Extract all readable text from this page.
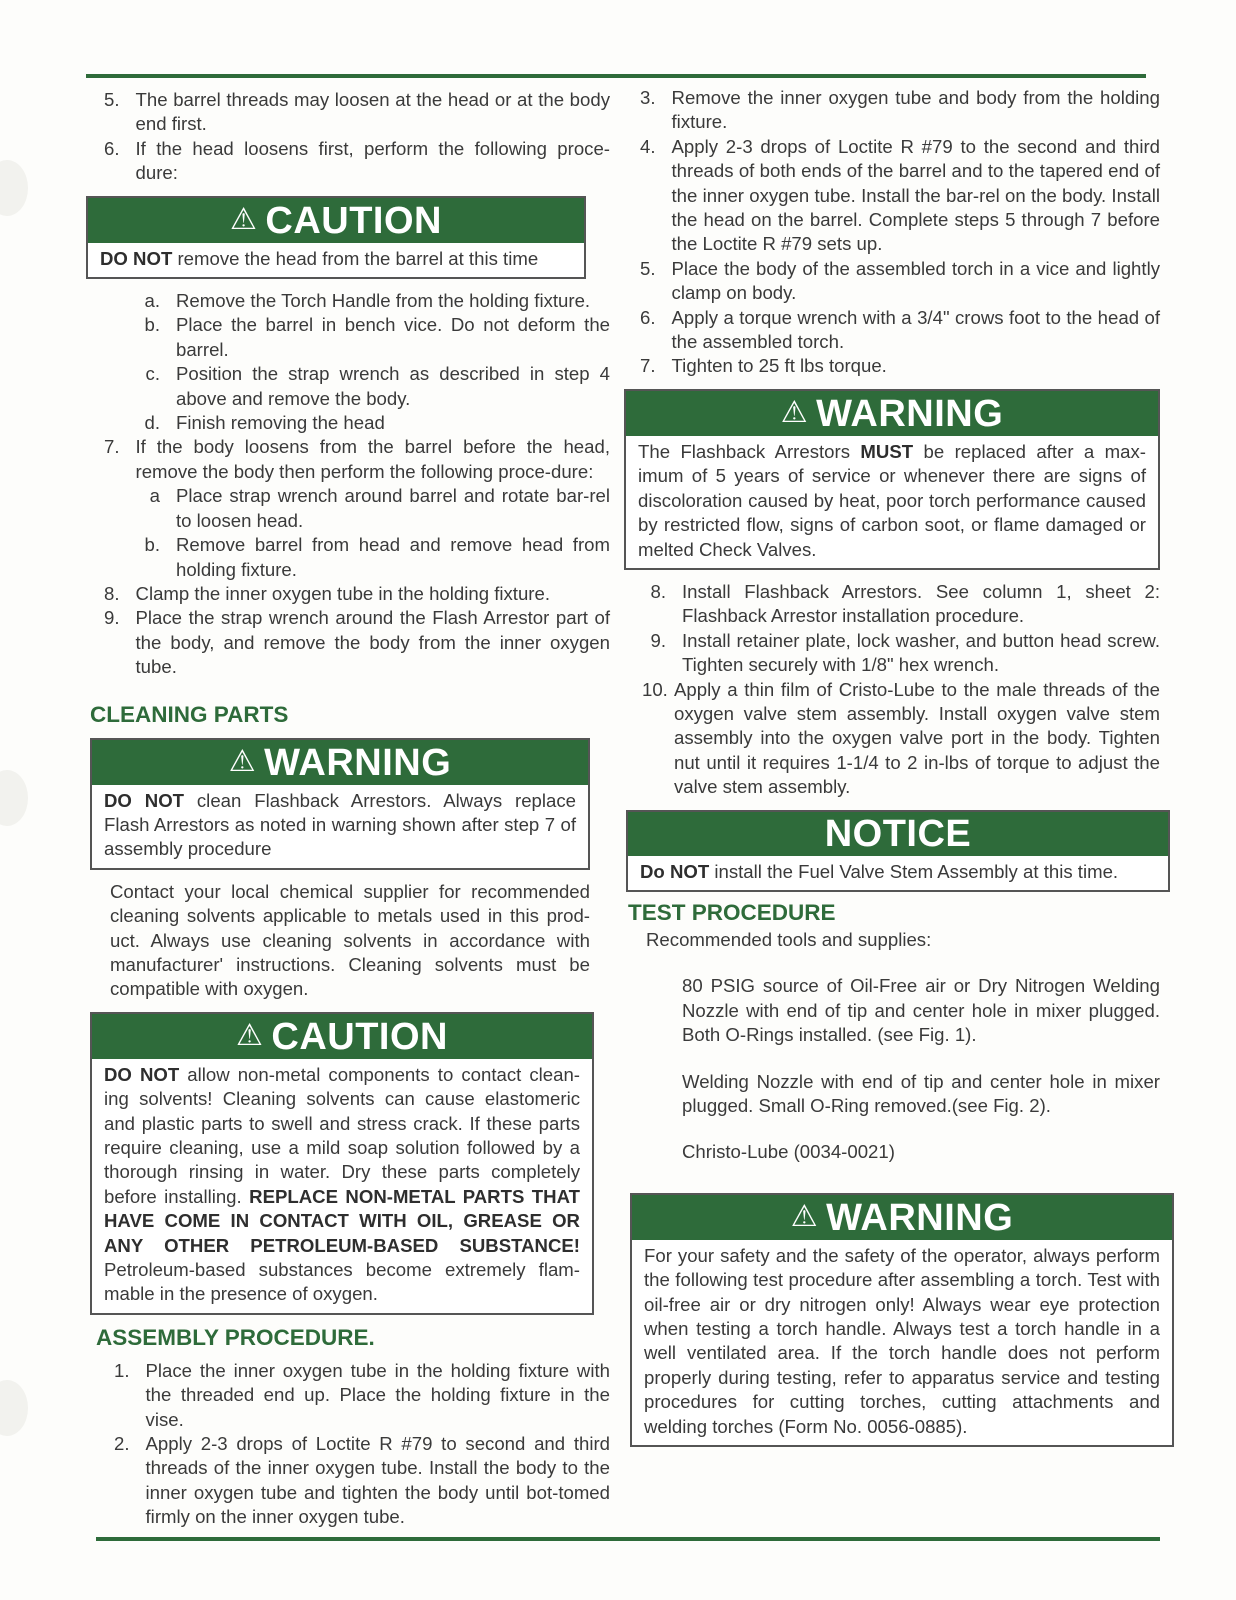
5. The barrel threads may loosen at the head or at the body end first.
6. If the head loosens first, perform the following proce-dure:
⚠ CAUTION
DO NOT remove the head from the barrel at this time
a. Remove the Torch Handle from the holding fixture.
b. Place the barrel in bench vice. Do not deform the barrel.
c. Position the strap wrench as described in step 4 above and remove the body.
d. Finish removing the head
7. If the body loosens from the barrel before the head, remove the body then perform the following proce-dure:
a Place strap wrench around barrel and rotate bar-rel to loosen head.
b. Remove barrel from head and remove head from holding fixture.
8. Clamp the inner oxygen tube in the holding fixture.
9. Place the strap wrench around the Flash Arrestor part of the body, and remove the body from the inner oxygen tube.
CLEANING PARTS
⚠ WARNING
DO NOT clean Flashback Arrestors. Always replace Flash Arrestors as noted in warning shown after step 7 of assembly procedure
Contact your local chemical supplier for recommended cleaning solvents applicable to metals used in this prod-uct. Always use cleaning solvents in accordance with manufacturer' instructions. Cleaning solvents must be compatible with oxygen.
⚠ CAUTION
DO NOT allow non-metal components to contact clean-ing solvents! Cleaning solvents can cause elastomeric and plastic parts to swell and stress crack. If these parts require cleaning, use a mild soap solution followed by a thorough rinsing in water. Dry these parts completely before installing. REPLACE NON-METAL PARTS THAT HAVE COME IN CONTACT WITH OIL, GREASE OR ANY OTHER PETROLEUM-BASED SUBSTANCE! Petroleum-based substances become extremely flam-mable in the presence of oxygen.
ASSEMBLY PROCEDURE.
1. Place the inner oxygen tube in the holding fixture with the threaded end up. Place the holding fixture in the vise.
2. Apply 2-3 drops of Loctite R #79 to second and third threads of the inner oxygen tube. Install the body to the inner oxygen tube and tighten the body until bot-tomed firmly on the inner oxygen tube.
3. Remove the inner oxygen tube and body from the holding fixture.
4. Apply 2-3 drops of Loctite R #79 to the second and third threads of both ends of the barrel and to the tapered end of the inner oxygen tube. Install the bar-rel on the body. Install the head on the barrel. Complete steps 5 through 7 before the Loctite R #79 sets up.
5. Place the body of the assembled torch in a vice and lightly clamp on body.
6. Apply a torque wrench with a 3/4" crows foot to the head of the assembled torch.
7. Tighten to 25 ft lbs torque.
⚠ WARNING
The Flashback Arrestors MUST be replaced after a max-imum of 5 years of service or whenever there are signs of discoloration caused by heat, poor torch performance caused by restricted flow, signs of carbon soot, or flame damaged or melted Check Valves.
8. Install Flashback Arrestors. See column 1, sheet 2: Flashback Arrestor installation procedure.
9. Install retainer plate, lock washer, and button head screw. Tighten securely with 1/8" hex wrench.
10. Apply a thin film of Cristo-Lube to the male threads of the oxygen valve stem assembly. Install oxygen valve stem assembly into the oxygen valve port in the body. Tighten nut until it requires 1-1/4 to 2 in-lbs of torque to adjust the valve stem assembly.
NOTICE
Do NOT install the Fuel Valve Stem Assembly at this time.
TEST PROCEDURE
Recommended tools and supplies:
80 PSIG source of Oil-Free air or Dry Nitrogen Welding Nozzle with end of tip and center hole in mixer plugged. Both O-Rings installed. (see Fig. 1).
Welding Nozzle with end of tip and center hole in mixer plugged. Small O-Ring removed.(see Fig. 2).
Christo-Lube (0034-0021)
⚠ WARNING
For your safety and the safety of the operator, always perform the following test procedure after assembling a torch. Test with oil-free air or dry nitrogen only! Always wear eye protection when testing a torch handle. Always test a torch handle in a well ventilated area. If the torch handle does not perform properly during testing, refer to apparatus service and testing procedures for cutting torches, cutting attachments and welding torches (Form No. 0056-0885).
